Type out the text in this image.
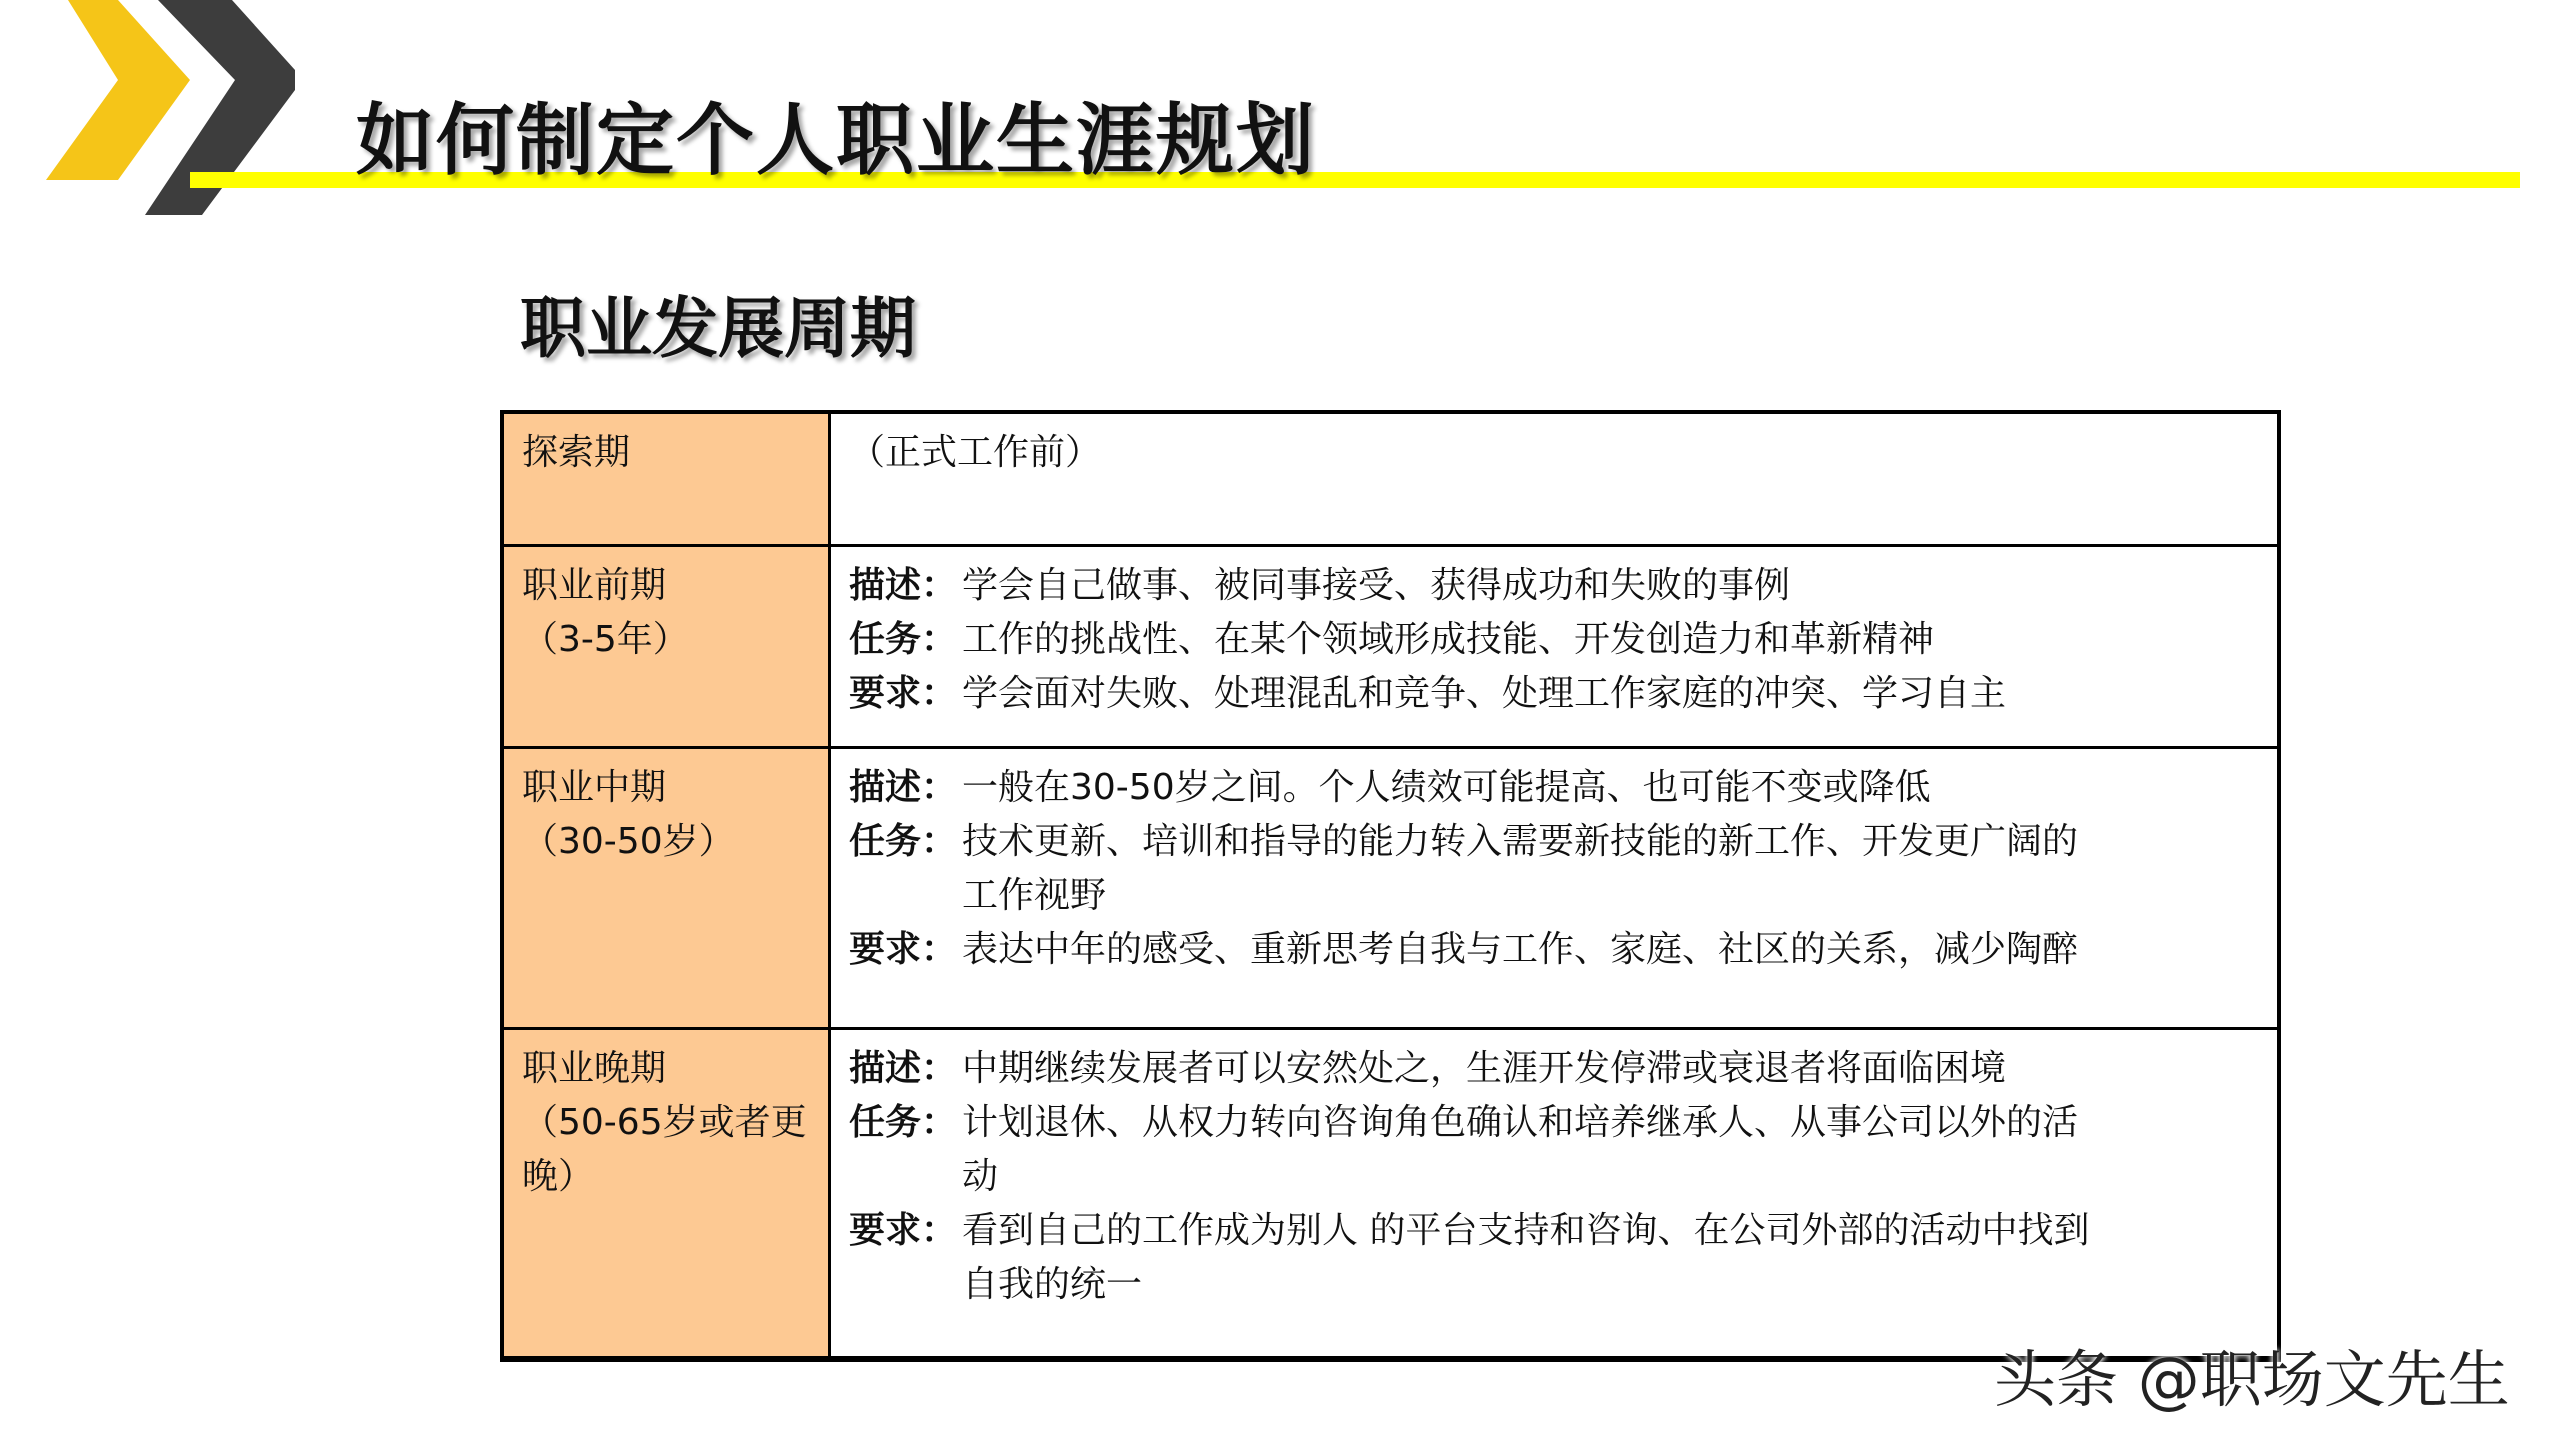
如何制定个人职业生涯规划
职业发展周期
探索期	（正式工作前）
职业前期
（3-5年）
描述： 学会自己做事、被同事接受、获得成功和失败的事例
任务： 工作的挑战性、在某个领域形成技能、开发创造力和革新精神
要求： 学会面对失败、处理混乱和竞争、处理工作家庭的冲突、学习自主
职业中期
（30-50岁）
描述： 一般在30-50岁之间。个人绩效可能提高、也可能不变或降低
任务： 技术更新、培训和指导的能力转入需要新技能的新工作、开发更广阔的
工作视野
要求： 表达中年的感受、重新思考自我与工作、家庭、社区的关系，减少陶醉
职业晚期
（50-65岁或者更
晚）
描述： 中期继续发展者可以安然处之，生涯开发停滞或衰退者将面临困境
任务： 计划退休、从权力转向咨询角色确认和培养继承人、从事公司以外的活
动
要求： 看到自己的工作成为别人 的平台支持和咨询、在公司外部的活动中找到
自我的统一
头条 @职场文先生
